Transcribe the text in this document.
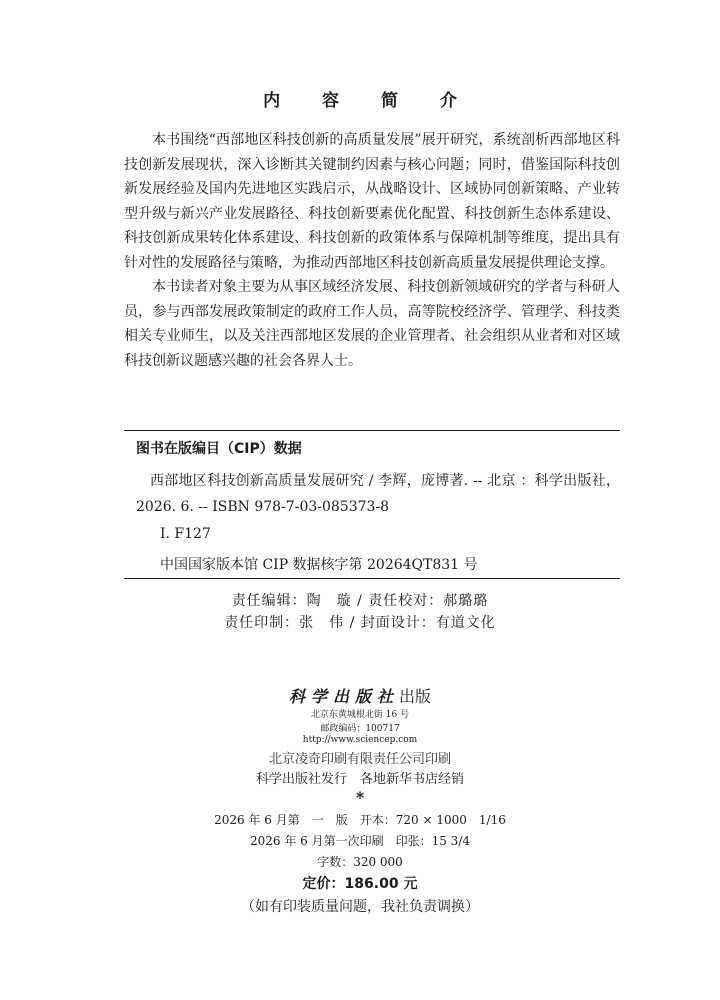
内 容 简 介

本书围绕“西部地区科技创新的高质量发展”展开研究，系统剖析西部地区科技创新发展现状，深入诊断其关键制约因素与核心问题；同时，借鉴国际科技创新发展经验及国内先进地区实践启示，从战略设计、区域协同创新策略、产业转型升级与新兴产业发展路径、科技创新要素优化配置、科技创新生态体系建设、科技创新成果转化体系建设、科技创新的政策体系与保障机制等维度，提出具有针对性的发展路径与策略，为推动西部地区科技创新高质量发展提供理论支撑。

本书读者对象主要为从事区域经济发展、科技创新领域研究的学者与科研人员，参与西部发展政策制定的政府工作人员，高等院校经济学、管理学、科技类相关专业师生，以及关注西部地区发展的企业管理者、社会组织从业者和对区域科技创新议题感兴趣的社会各界人士。

图书在版编目（CIP）数据
西部地区科技创新高质量发展研究 / 李辉，庞博著. -- 北京 ：科学出版社，2026. 6. -- ISBN 978-7-03-085373-8
Ⅰ. F127
中国国家版本馆 CIP 数据核字第 20264QT831 号
责任编辑：陶　璇 / 责任校对：郝璐璐
责任印制：张　伟 / 封面设计：有道文化
科学出版社出版
北京东黄城根北街 16 号
邮政编码：100717
http://www.sciencep.com
北京凌奇印刷有限责任公司印刷
科学出版社发行　各地新华书店经销
*
2026 年 6 月第　一　版　开本：720 × 1000　1/16
2026 年 6 月第一次印刷　印张：15 3/4
字数：320 000
定价：186.00 元
（如有印装质量问题，我社负责调换）
